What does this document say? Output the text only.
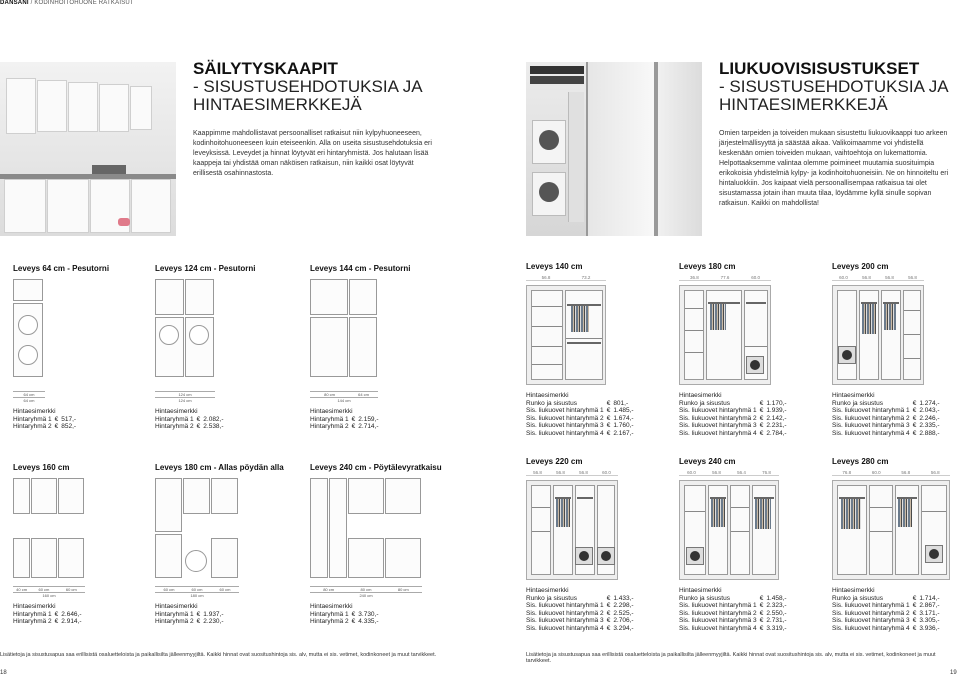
DANSANI / KODINHOITOHUONE RATKAISUT
SÄILYTYSKAAPIT
- SISUSTUSEHDOTUKSIA JA
HINTAESIMERKKEJÄ
Kaappimme mahdollistavat persoonalliset ratkaisut niin kylpyhuoneeseen, kodinhoitohuoneeseen kuin eteiseenkin. Alla on useita sisustusehdotuksia eri leveyksissä. Leveydet ja hinnat löytyvät eri hintaryhmistä. Jos halutaan lisää kaappeja tai yhdistää oman näköisen ratkaisun, niin kaikki osat löytyvät erillisestä osahinnastosta.
LIUKUOVISISUSTUKSET
- SISUSTUSEHDOTUKSIA JA
HINTAESIMERKKEJÄ
Omien tarpeiden ja toiveiden mukaan sisustettu liukuovikaappi tuo arkeen järjestelmällisyyttä ja säästää aikaa. Valikoimaamme voi yhdistellä keskenään omien toiveiden mukaan, vaihtoehtoja on lukemattomia. Helpottaaksemme valintaa olemme poimineet muutamia suosituimpia erikokoisia yhdistelmiä kylpy- ja kodinhoitohuoneisiin. Ne on hinnoiteltu eri hintaluokkiin. Jos kaipaat vielä persoonallisempaa ratkaisua tai olet sisustamassa jotain ihan muuta tilaa, löydämme kyllä sinulle sopivan ratkaisun. Kaikki on mahdollista!
Leveys 64 cm - Pesutorni
64 cm
64 cm
Hintaesimerkki
Hintaryhmä 1	€	517,-
Hintaryhmä 2	€	852,-
Leveys 124 cm - Pesutorni
124 cm
124 cm
Hintaesimerkki
Hintaryhmä 1	€	2.082,-
Hintaryhmä 2	€	2.538,-
Leveys 144 cm - Pesutorni
80 cm	64 cm
144 cm
Hintaesimerkki
Hintaryhmä 1	€	2.159,-
Hintaryhmä 2	€	2.714,-
Leveys 160 cm
40 cm	60 cm	60 cm
160 cm
Hintaesimerkki
Hintaryhmä 1	€	2.646,-
Hintaryhmä 2	€	2.914,-
Leveys 180 cm - Allas pöydän alla
60 cm	60 cm	60 cm
180 cm
Hintaesimerkki
Hintaryhmä 1	€	1.937,-
Hintaryhmä 2	€	2.230,-
Leveys 240 cm - Pöytälevyratkaisu
80 cm	80 cm	80 cm
240 cm
Hintaesimerkki
Hintaryhmä 1	€	3.730,-
Hintaryhmä 2	€	4.335,-
Leveys 140 cm
56.8	73.2
Hintaesimerkki
Runko ja sisustus	€	801,-
Sis. liukuovet hintaryhmä 1	€	1.485,-
Sis. liukuovet hintaryhmä 2	€	1.674,-
Sis. liukuovet hintaryhmä 3	€	1.760,-
Sis. liukuovet hintaryhmä 4	€	2.167,-
Leveys 180 cm
36.8	77.6	60.0
Hintaesimerkki
Runko ja sisustus	€	1.170,-
Sis. liukuovet hintaryhmä 1	€	1.939,-
Sis. liukuovet hintaryhmä 2	€	2.142,-
Sis. liukuovet hintaryhmä 3	€	2.231,-
Sis. liukuovet hintaryhmä 4	€	2.784,-
Leveys 200 cm
60.0	56.8	56.8	56.8
Hintaesimerkki
Runko ja sisustus	€	1.274,-
Sis. liukuovet hintaryhmä 1	€	2.043,-
Sis. liukuovet hintaryhmä 2	€	2.246,-
Sis. liukuovet hintaryhmä 3	€	2.335,-
Sis. liukuovet hintaryhmä 4	€	2.888,-
Leveys 220 cm
56.8	56.8	56.8	60.0
Hintaesimerkki
Runko ja sisustus	€	1.433,-
Sis. liukuovet hintaryhmä 1	€	2.298,-
Sis. liukuovet hintaryhmä 2	€	2.525,-
Sis. liukuovet hintaryhmä 3	€	2.706,-
Sis. liukuovet hintaryhmä 4	€	3.294,-
Leveys 240 cm
60.0	56.8	56.4	76.8
Hintaesimerkki
Runko ja sisustus	€	1.458,-
Sis. liukuovet hintaryhmä 1	€	2.323,-
Sis. liukuovet hintaryhmä 2	€	2.550,-
Sis. liukuovet hintaryhmä 3	€	2.731,-
Sis. liukuovet hintaryhmä 4	€	3.319,-
Leveys 280 cm
76.8	60.0	56.8	56.8
Hintaesimerkki
Runko ja sisustus	€	1.714,-
Sis. liukuovet hintaryhmä 1	€	2.867,-
Sis. liukuovet hintaryhmä 2	€	3.171,-
Sis. liukuovet hintaryhmä 3	€	3.305,-
Sis. liukuovet hintaryhmä 4	€	3.936,-
Lisätietoja ja sisustusapua saa erillisistä osaluetteloista ja paikallisilta jälleenmyyjiltä. Kaikki hinnat ovat suositushintoja sis. alv, mutta ei sis. vetimet, kodinkoneet ja muut tarvikkeet.	Lisätietoja ja sisustusapua saa erillisistä osaluetteloista ja paikallisilta jälleenmyyjiltä. Kaikki hinnat ovat suositushintoja sis. alv, mutta ei sis. vetimet, kodinkoneet ja muut tarvikkeet.
18	19
